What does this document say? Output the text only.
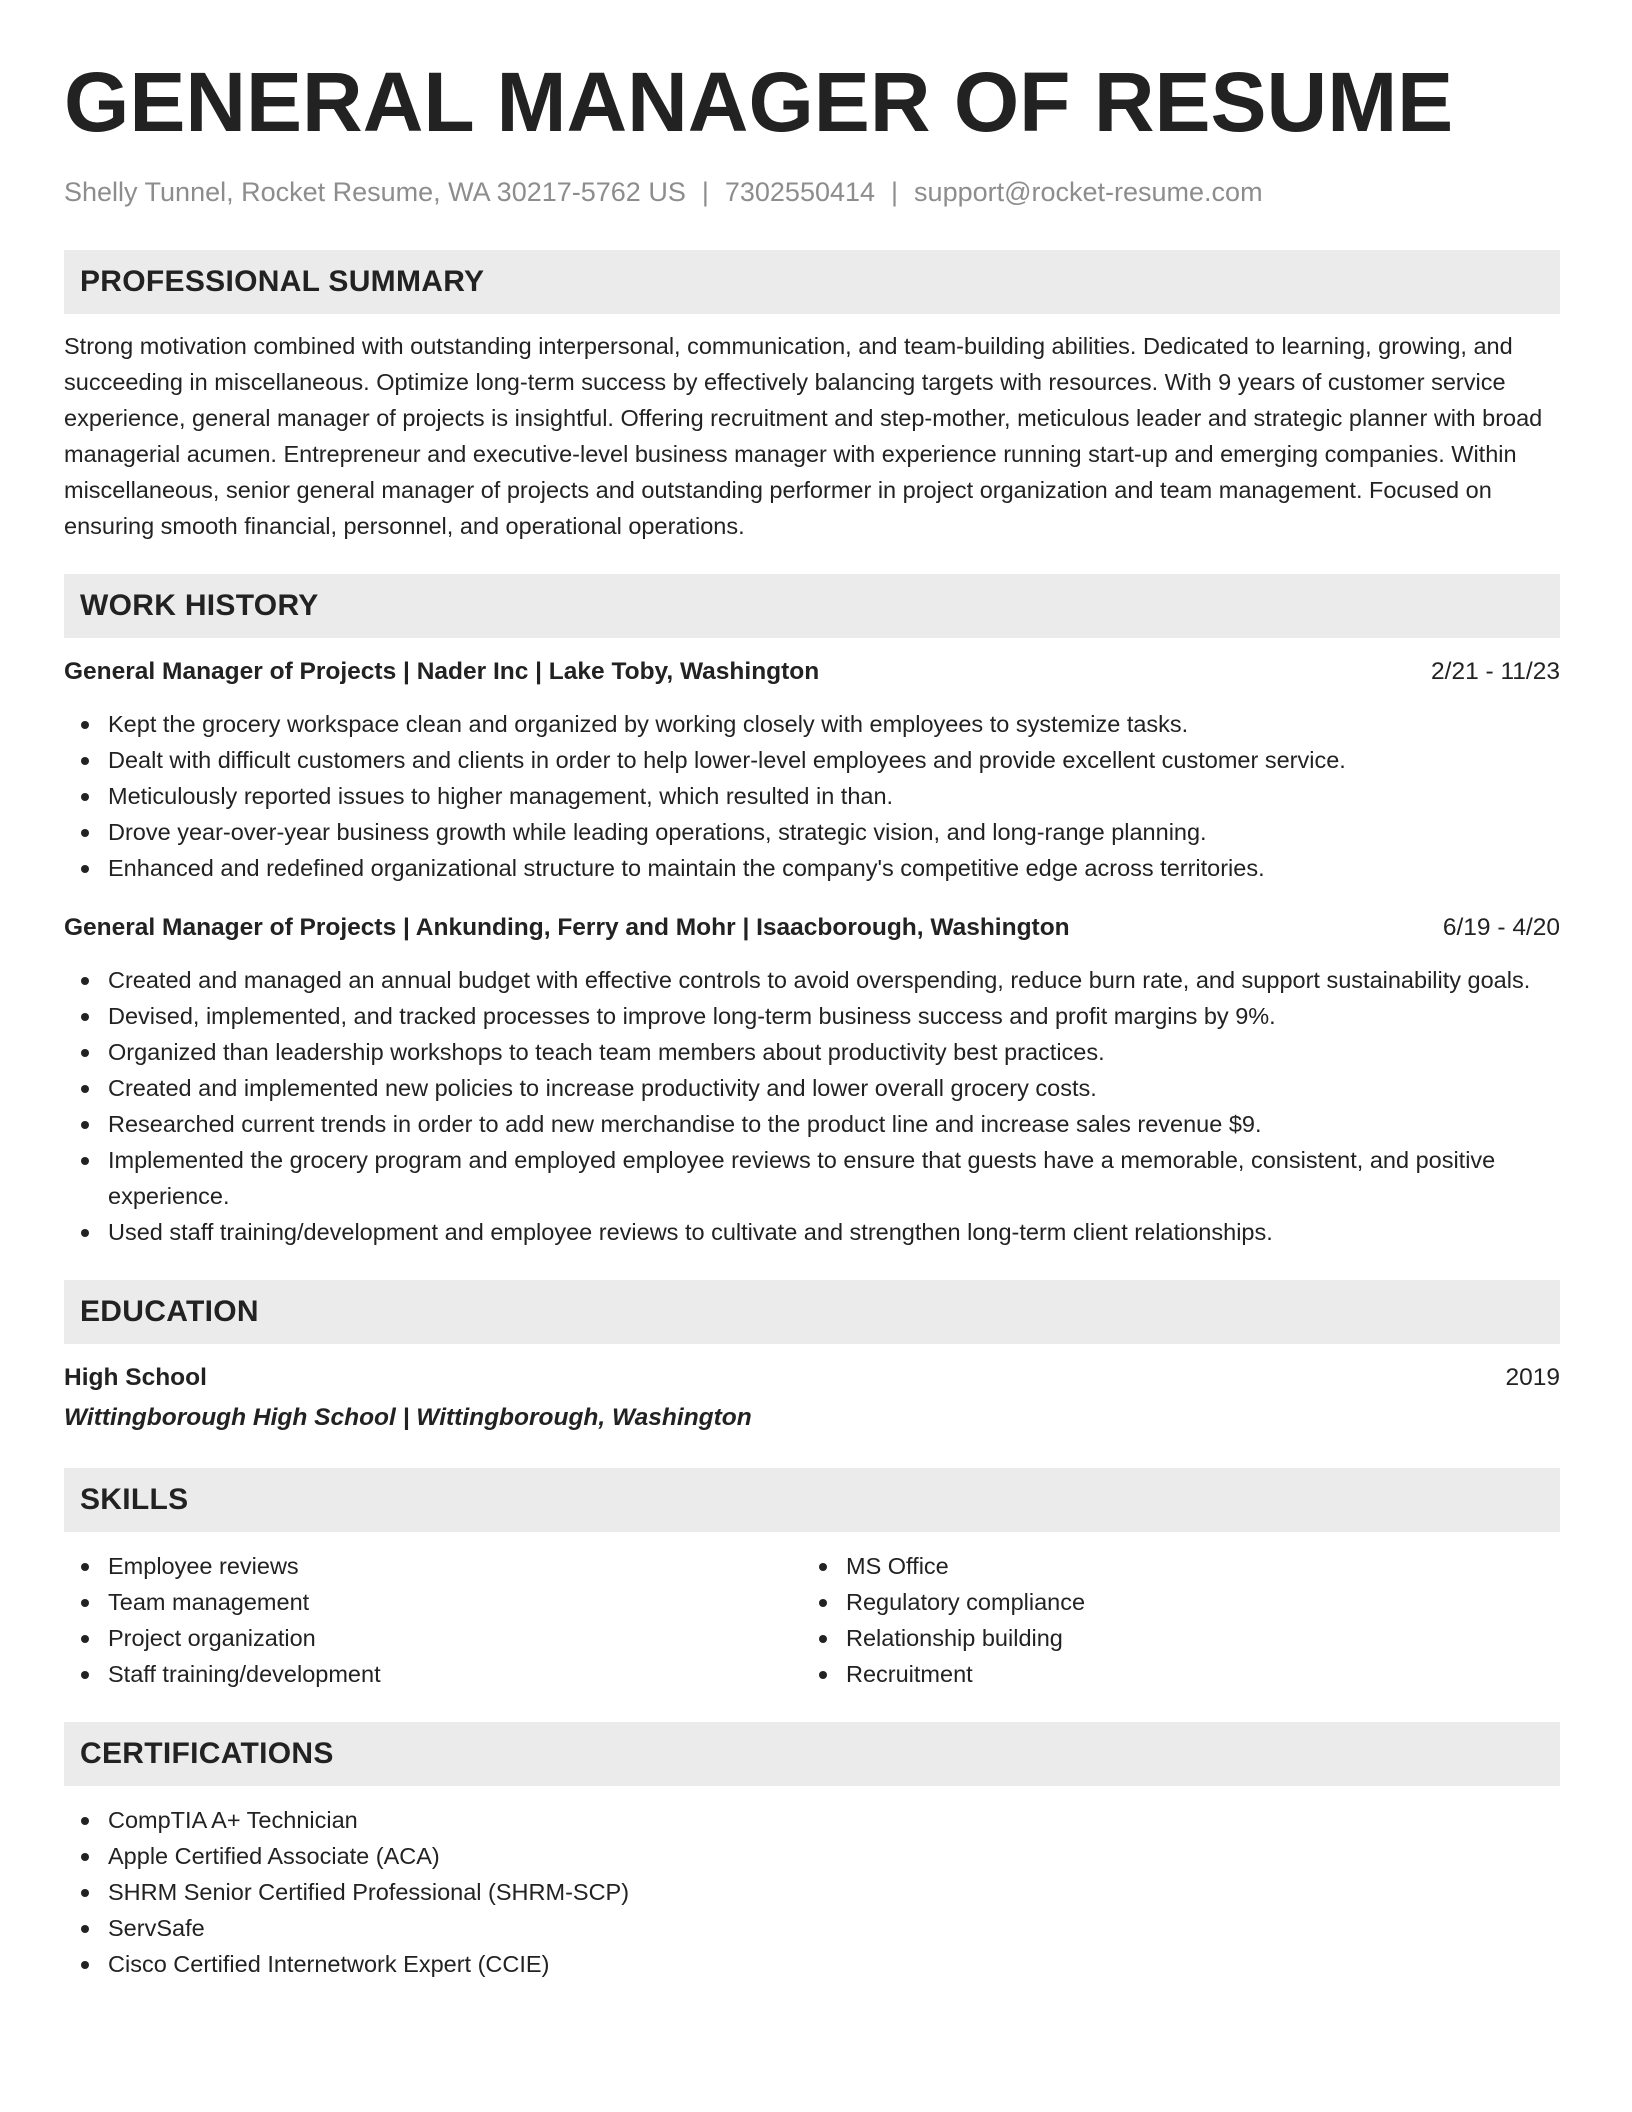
GENERAL MANAGER OF RESUME
Shelly Tunnel, Rocket Resume, WA 30217-5762 US | 7302550414 | support@rocket-resume.com
PROFESSIONAL SUMMARY

Strong motivation combined with outstanding interpersonal, communication, and team-building abilities. Dedicated to learning, growing, and succeeding in miscellaneous. Optimize long-term success by effectively balancing targets with resources. With 9 years of customer service experience, general manager of projects is insightful. Offering recruitment and step-mother, meticulous leader and strategic planner with broad managerial acumen. Entrepreneur and executive-level business manager with experience running start-up and emerging companies. Within miscellaneous, senior general manager of projects and outstanding performer in project organization and team management. Focused on ensuring smooth financial, personnel, and operational operations.

WORK HISTORY
General Manager of Projects | Nader Inc | Lake Toby, Washington	2/21 - 11/23
Kept the grocery workspace clean and organized by working closely with employees to systemize tasks.
Dealt with difficult customers and clients in order to help lower-level employees and provide excellent customer service.
Meticulously reported issues to higher management, which resulted in than.
Drove year-over-year business growth while leading operations, strategic vision, and long-range planning.
Enhanced and redefined organizational structure to maintain the company's competitive edge across territories.
General Manager of Projects | Ankunding, Ferry and Mohr | Isaacborough, Washington	6/19 - 4/20
Created and managed an annual budget with effective controls to avoid overspending, reduce burn rate, and support sustainability goals.
Devised, implemented, and tracked processes to improve long-term business success and profit margins by 9%.
Organized than leadership workshops to teach team members about productivity best practices.
Created and implemented new policies to increase productivity and lower overall grocery costs.
Researched current trends in order to add new merchandise to the product line and increase sales revenue $9.
Implemented the grocery program and employed employee reviews to ensure that guests have a memorable, consistent, and positive experience.
Used staff training/development and employee reviews to cultivate and strengthen long-term client relationships.
EDUCATION
High School	2019
Wittingborough High School | Wittingborough, Washington
SKILLS
Employee reviews
Team management
Project organization
Staff training/development
MS Office
Regulatory compliance
Relationship building
Recruitment
CERTIFICATIONS
CompTIA A+ Technician
Apple Certified Associate (ACA)
SHRM Senior Certified Professional (SHRM-SCP)
ServSafe
Cisco Certified Internetwork Expert (CCIE)
